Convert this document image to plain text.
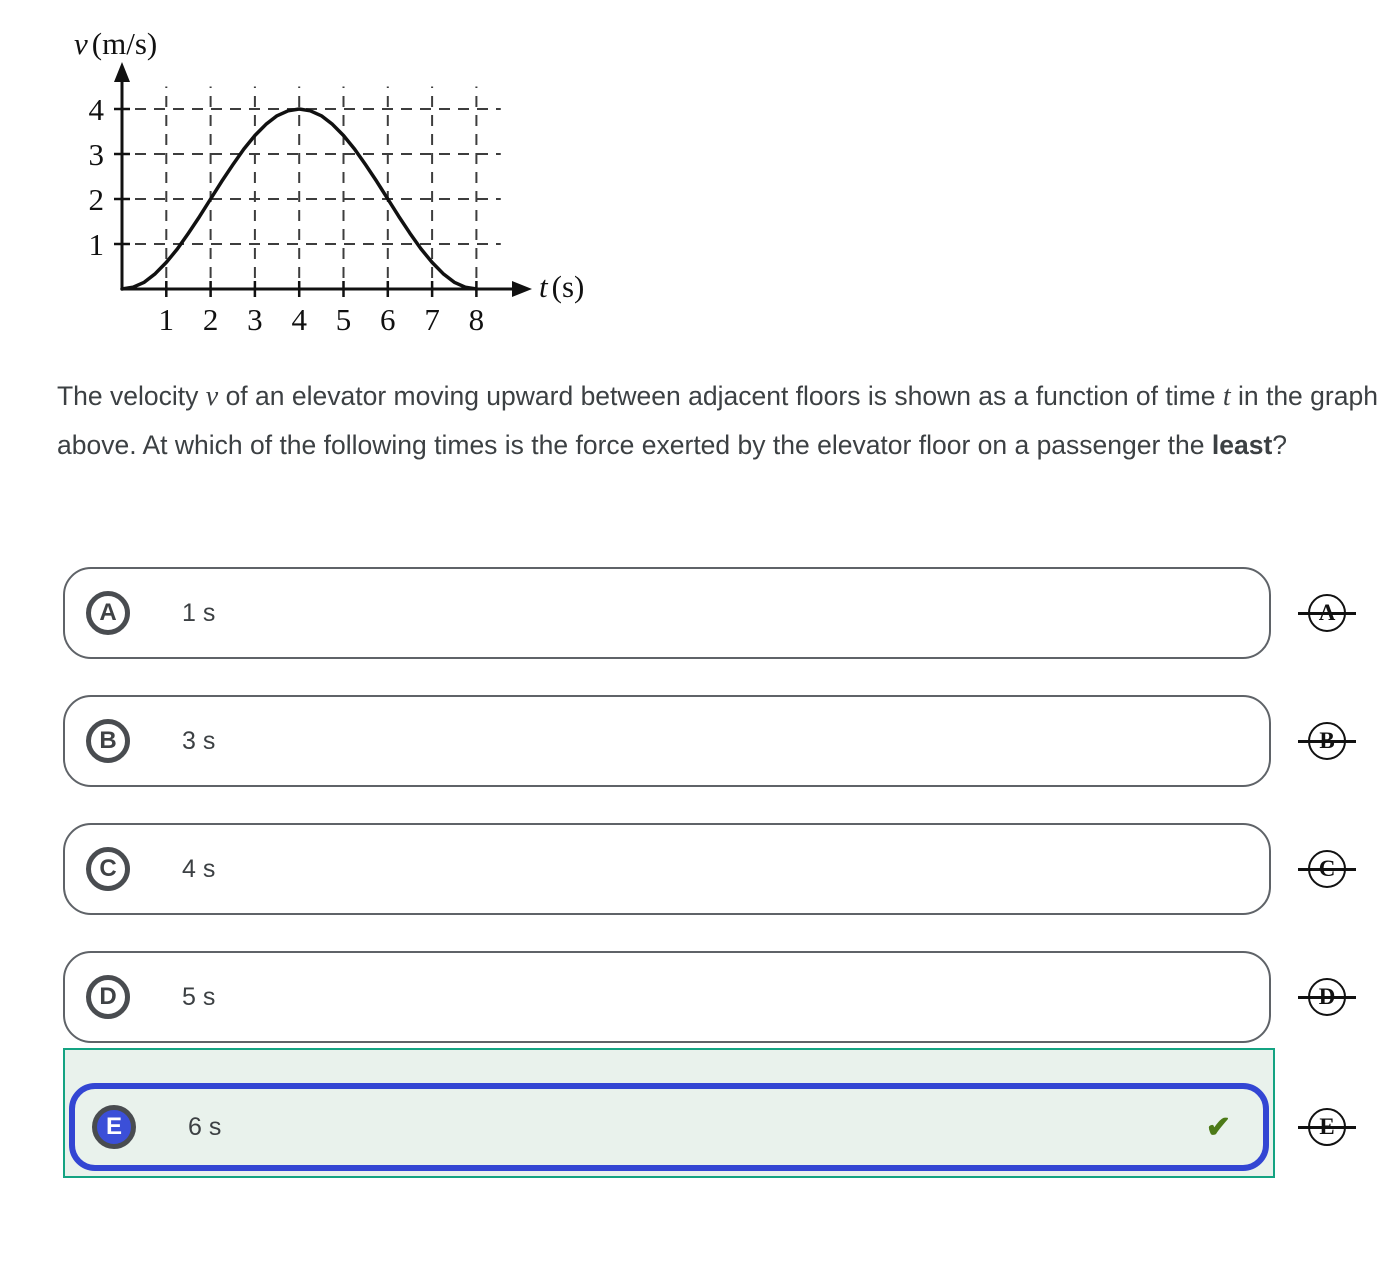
1 2 3 4 5 6 7 8
1
2
3
4
v (m/s)
t (s)
The velocity v of an elevator moving upward between adjacent floors is shown as a function of time t in the graph above. At which of the following times is the force exerted by the elevator floor on a passenger the least?
A	1 s	A
B	3 s	B
C	4 s	C
D	5 s	D
E	6 s	✔	E
